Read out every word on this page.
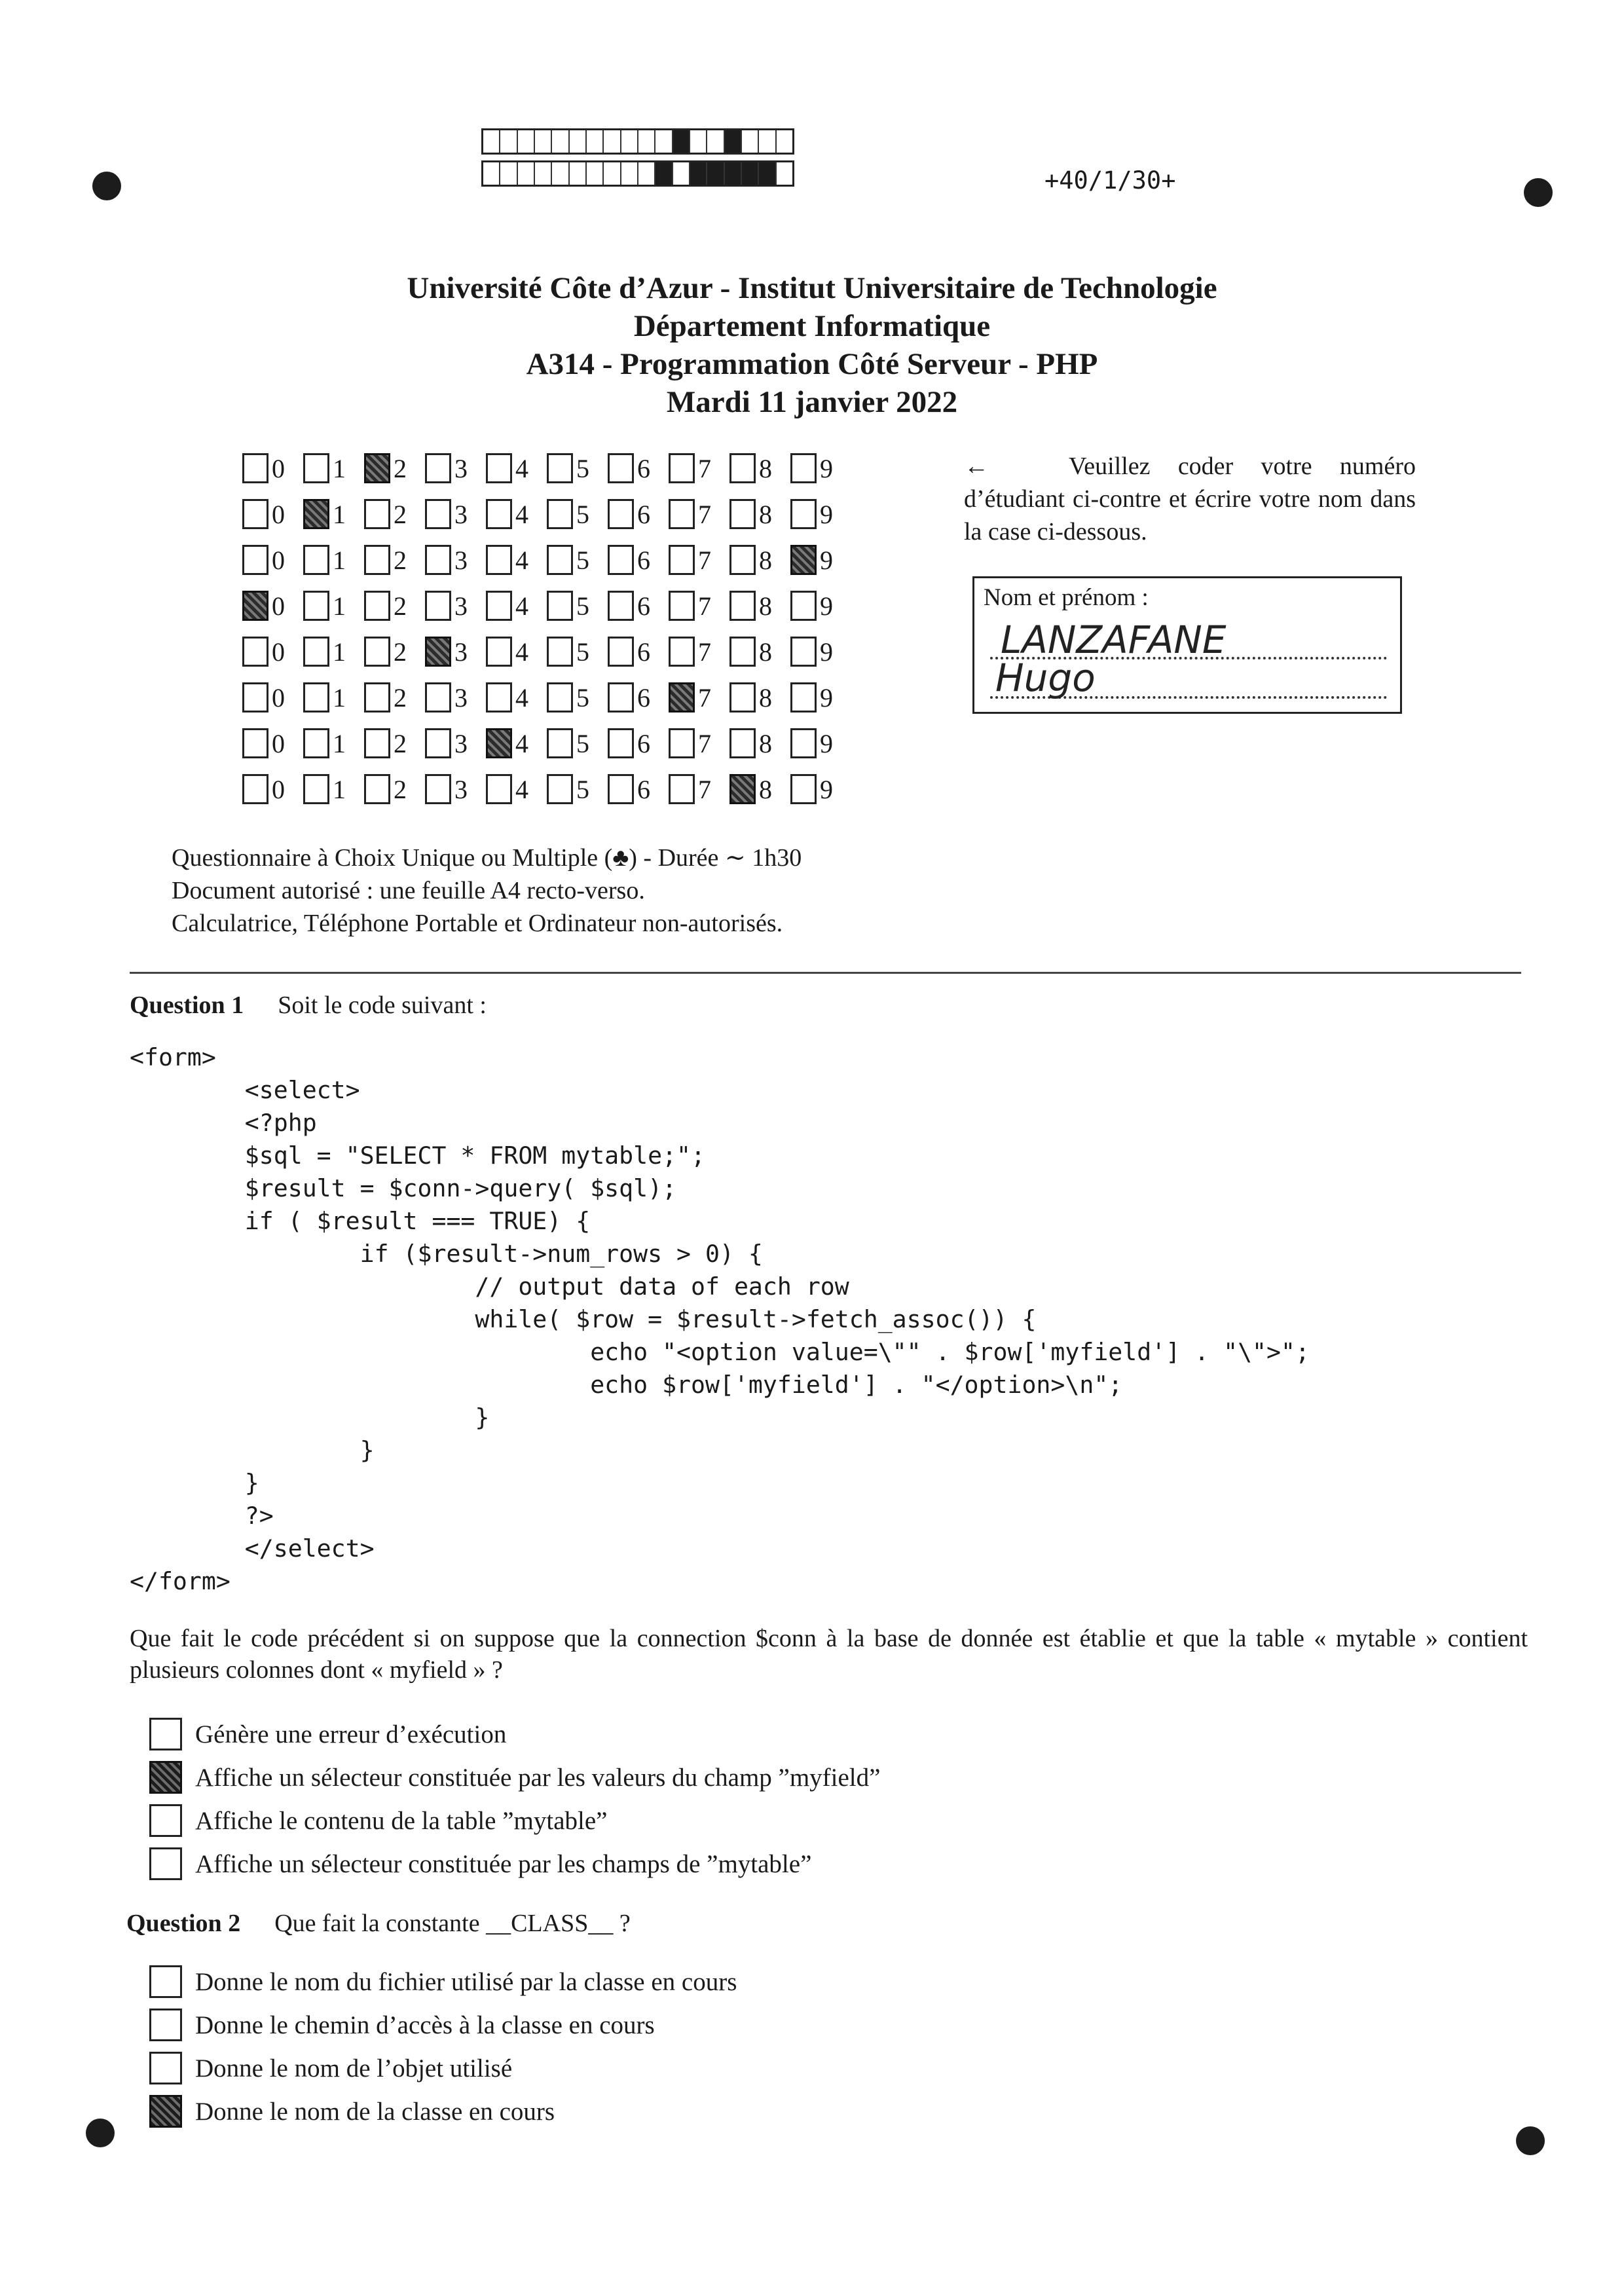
+40/1/30+
Université Côte d’Azur - Institut Universitaire de Technologie
Département Informatique
A314 - Programmation Côté Serveur - PHP
Mardi 11 janvier 2022
0 1 2 3 4 5 6 7 8 9
0 1 2 3 4 5 6 7 8 9
0 1 2 3 4 5 6 7 8 9
0 1 2 3 4 5 6 7 8 9
0 1 2 3 4 5 6 7 8 9
0 1 2 3 4 5 6 7 8 9
0 1 2 3 4 5 6 7 8 9
0 1 2 3 4 5 6 7 8 9
←	Veuillez coder votre numéro d’étudiant ci-contre et écrire votre nom dans la case ci-dessous.
Nom et prénom :
LANZAFANE
Hugo
Questionnaire à Choix Unique ou Multiple (♣) - Durée ∼ 1h30
Document autorisé : une feuille A4 recto-verso.
Calculatrice, Téléphone Portable et Ordinateur non-autorisés.
Question 1 Soit le code suivant :
<form>
<select>
<?php
$sql = "SELECT * FROM mytable;";
$result = $conn->query( $sql);
if ( $result === TRUE) {
if ($result->num_rows > 0) {
// output data of each row
while( $row = $result->fetch_assoc()) {
echo "<option value=\"" . $row['myfield'] . "\">";
echo $row['myfield'] . "</option>\n";
}
}
}
?>
</select>
</form>
Que fait le code précédent si on suppose que la connection $conn à la base de donnée est établie et que la table « mytable » contient plusieurs colonnes dont « myfield » ?
Génère une erreur d’exécution
Affiche un sélecteur constituée par les valeurs du champ ”myfield”
Affiche le contenu de la table ”mytable”
Affiche un sélecteur constituée par les champs de ”mytable”
Question 2 Que fait la constante __CLASS__ ?
Donne le nom du fichier utilisé par la classe en cours
Donne le chemin d’accès à la classe en cours
Donne le nom de l’objet utilisé
Donne le nom de la classe en cours
